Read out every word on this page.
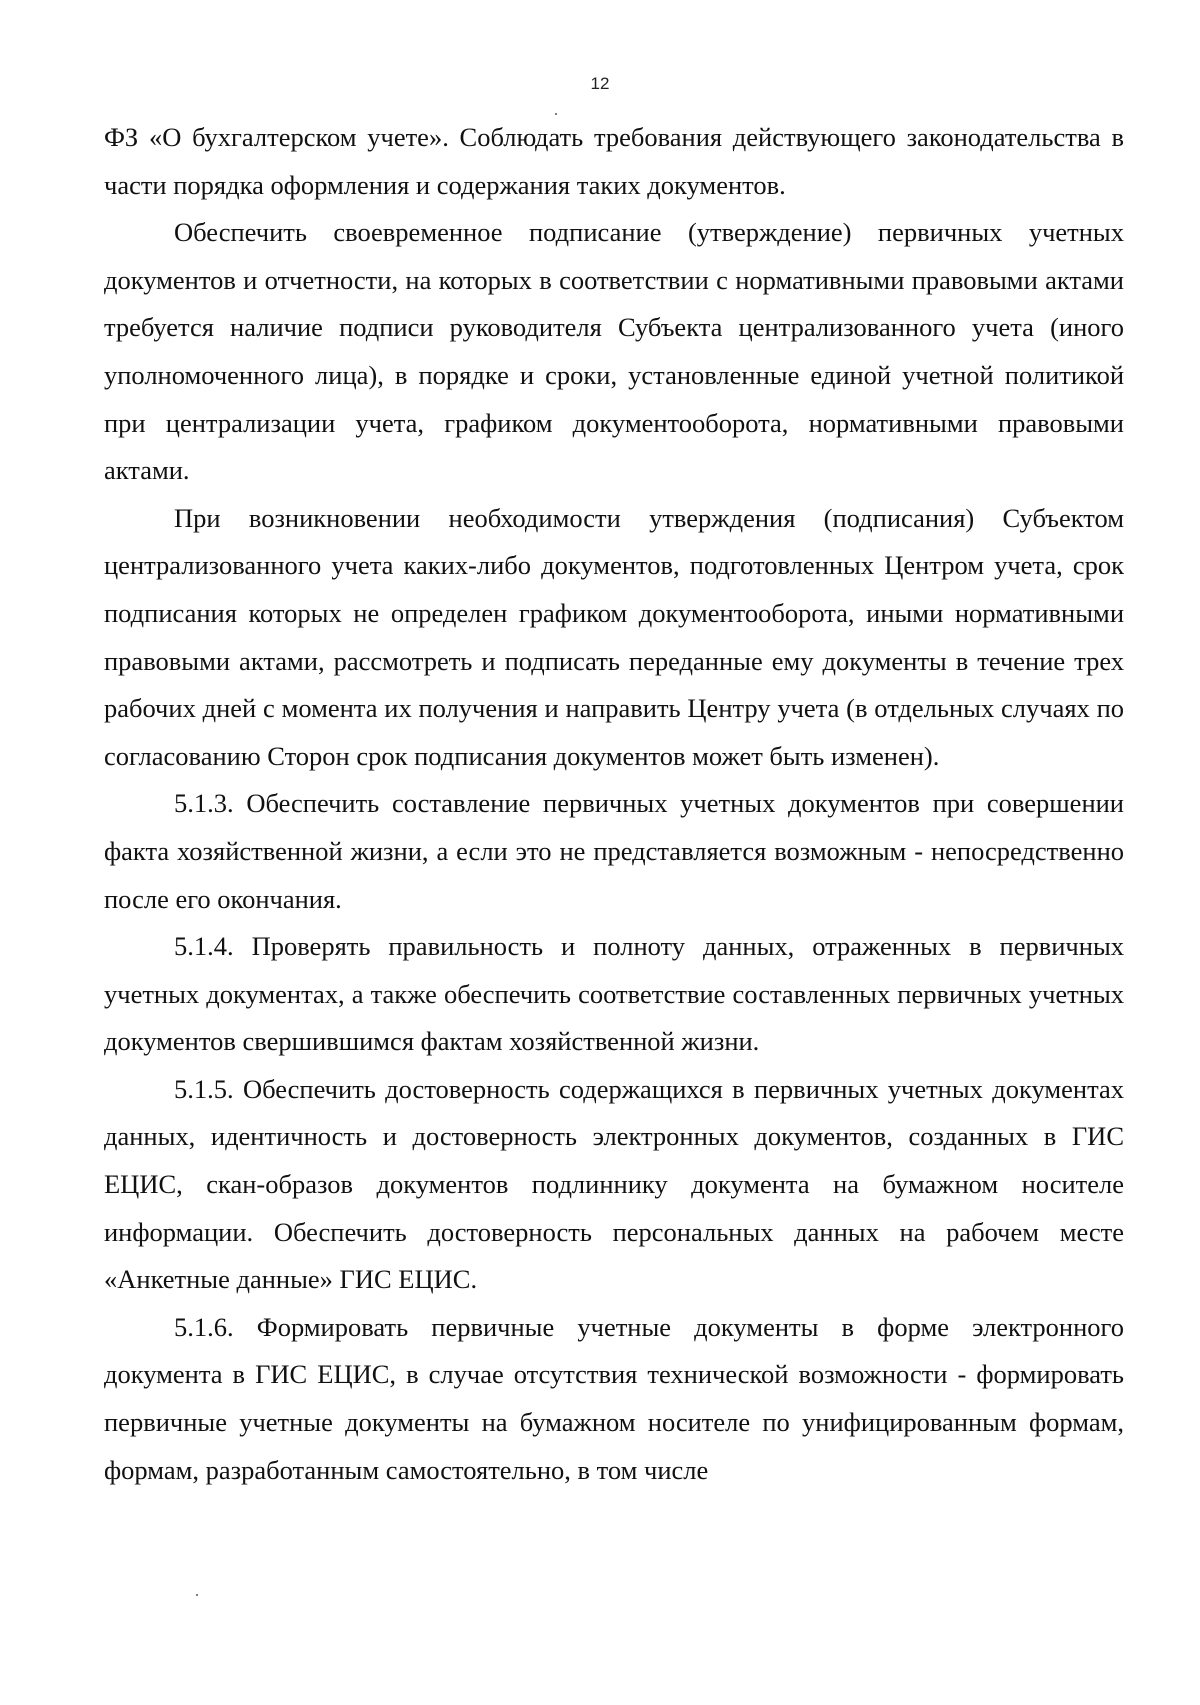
12

ФЗ «О бухгалтерском учете». Соблюдать требования действующего законодательства в части порядка оформления и содержания таких документов.

Обеспечить своевременное подписание (утверждение) первичных учетных документов и отчетности, на которых в соответствии с нормативными правовыми актами требуется наличие подписи руководителя Субъекта централизованного учета (иного уполномоченного лица), в порядке и сроки, установленные единой учетной политикой при централизации учета, графиком документооборота, нормативными правовыми актами.

При возникновении необходимости утверждения (подписания) Субъектом централизованного учета каких-либо документов, подготовленных Центром учета, срок подписания которых не определен графиком документооборота, иными нормативными правовыми актами, рассмотреть и подписать переданные ему документы в течение трех рабочих дней с момента их получения и направить Центру учета (в отдельных случаях по согласованию Сторон срок подписания документов может быть изменен).

5.1.3. Обеспечить составление первичных учетных документов при совершении факта хозяйственной жизни, а если это не представляется возможным - непосредственно после его окончания.

5.1.4. Проверять правильность и полноту данных, отраженных в первичных учетных документах, а также обеспечить соответствие составленных первичных учетных документов свершившимся фактам хозяйственной жизни.

5.1.5. Обеспечить достоверность содержащихся в первичных учетных документах данных, идентичность и достоверность электронных документов, созданных в ГИС ЕЦИС, скан-образов документов подлиннику документа на бумажном носителе информации. Обеспечить достоверность персональных данных на рабочем месте «Анкетные данные» ГИС ЕЦИС.

5.1.6. Формировать первичные учетные документы в форме электронного документа в ГИС ЕЦИС, в случае отсутствия технической возможности - формировать первичные учетные документы на бумажном носителе по унифицированным формам, формам, разработанным самостоятельно, в том числе
